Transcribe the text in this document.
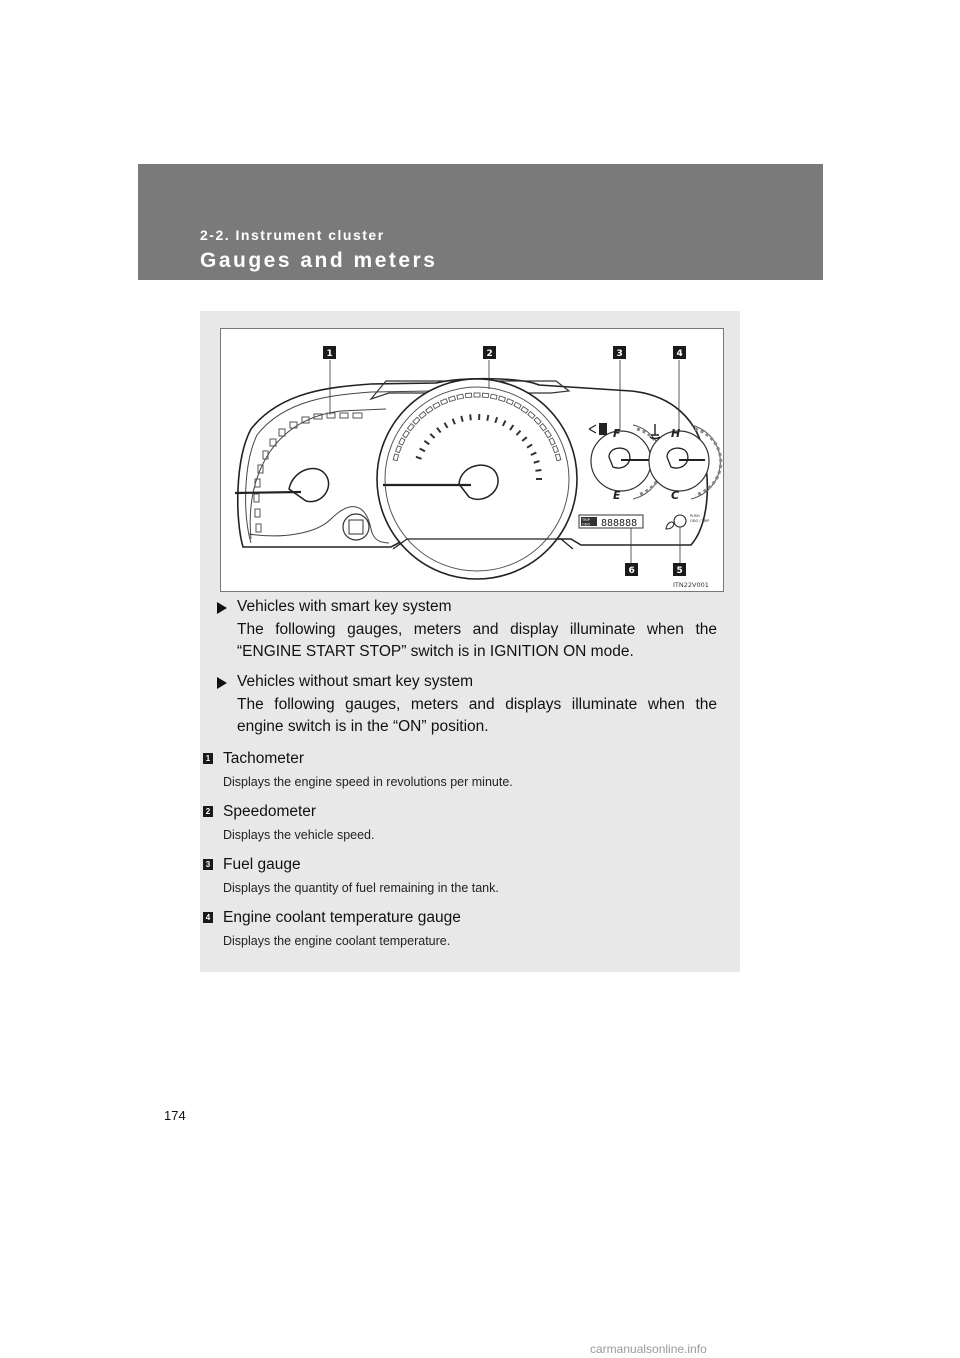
2-2. Instrument cluster
Gauges and meters
F
E
H
C
TRIP
ODO 888888
PUSH
ODO / TRIP
1	2	3	4
6	5
ITN22V001
Vehicles with smart key system
The following gauges, meters and display illuminate when the “ENGINE START STOP” switch is in IGNITION ON mode.
Vehicles without smart key system
The following gauges, meters and displays illuminate when the engine switch is in the “ON” position.
1 Tachometer
Displays the engine speed in revolutions per minute.
2 Speedometer
Displays the vehicle speed.
3 Fuel gauge
Displays the quantity of fuel remaining in the tank.
4 Engine coolant temperature gauge
Displays the engine coolant temperature.
174
carmanualsonline.info
